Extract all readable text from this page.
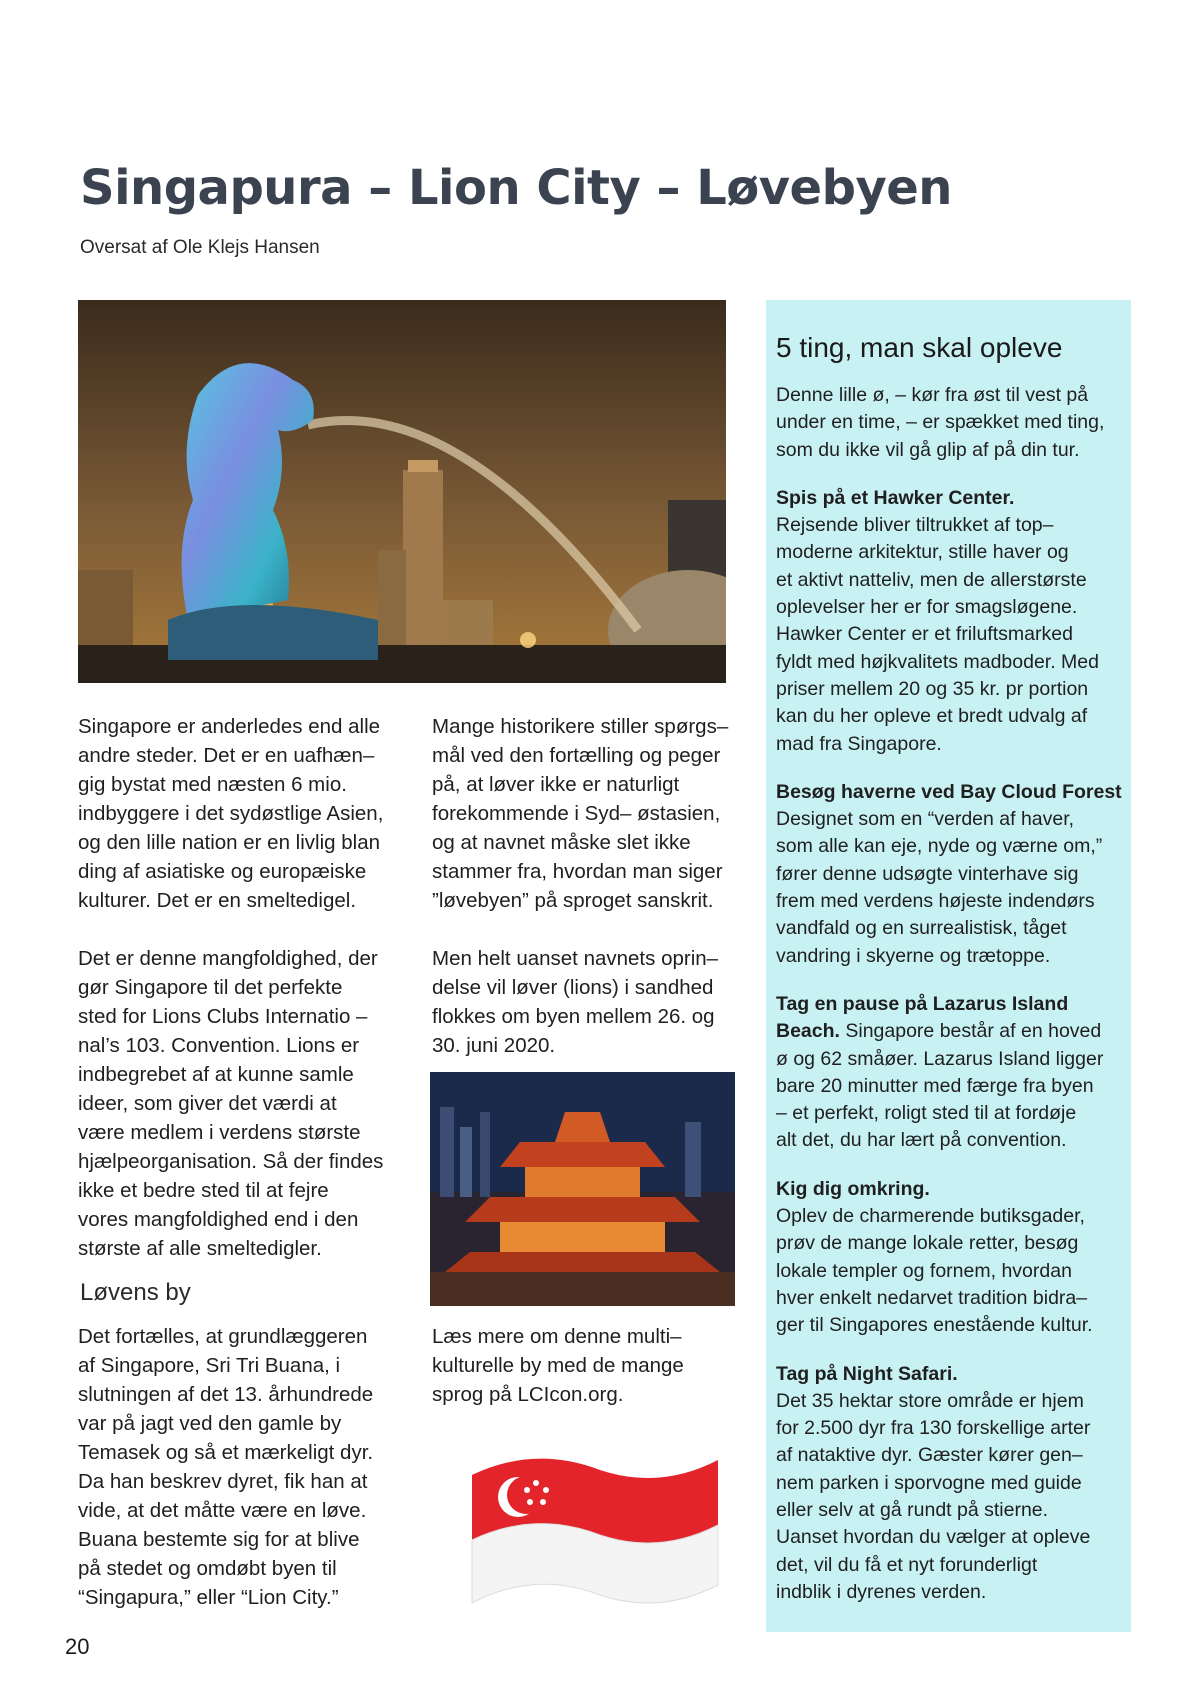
Singapura – Lion City – Løvebyen
Oversat af Ole Klejs Hansen

Singapore er anderledes end alle
andre steder. Det er en uafhæn–
gig bystat med næsten 6 mio.
indbyggere i det sydøstlige Asien,
og den lille nation er en livlig blan
ding af asiatiske og europæiske
kulturer. Det er en smeltedigel.

Det er denne mangfoldighed, der
gør Singapore til det perfekte
sted for Lions Clubs Internatio –
nal’s 103. Convention. Lions er
indbegrebet af at kunne samle
ideer, som giver det værdi at
være medlem i verdens største
hjælpeorganisation. Så der findes
ikke et bedre sted til at fejre
vores mangfoldighed end i den
største af alle smeltedigler.

Mange historikere stiller spørgs–
mål ved den fortælling og peger
på, at løver ikke er naturligt
forekommende i Syd– østasien,
og at navnet måske slet ikke
stammer fra, hvordan man siger
”løvebyen” på sproget sanskrit.

Men helt uanset navnets oprin–
delse vil løver (lions) i sandhed
flokkes om byen mellem 26. og
30. juni 2020.

Løvens by

Det fortælles, at grundlæggeren
af Singapore, Sri Tri Buana, i
slutningen af det 13. århundrede
var på jagt ved den gamle by
Temasek og så et mærkeligt dyr.
Da han beskrev dyret, fik han at
vide, at det måtte være en løve.
Buana bestemte sig for at blive
på stedet og omdøbt byen til
“Singapura,” eller “Lion City.”

Læs mere om denne multi–
kulturelle by med de mange
sprog på LCIcon.org.

5 ting, man skal opleve

Denne lille ø, – kør fra øst til vest på
under en time, – er spækket med ting,
som du ikke vil gå glip af på din tur.

Spis på et Hawker Center.
Rejsende bliver tiltrukket af top–
moderne arkitektur, stille haver og
et aktivt natteliv, men de allerstørste
oplevelser her er for smagsløgene.
Hawker Center er et friluftsmarked
fyldt med højkvalitets madboder. Med
priser mellem 20 og 35 kr. pr portion
kan du her opleve et bredt udvalg af
mad fra Singapore.
Besøg haverne ved Bay Cloud Forest
Designet som en “verden af haver,
som alle kan eje, nyde og værne om,”
fører denne udsøgte vinterhave sig
frem med verdens højeste indendørs
vandfald og en surrealistisk, tåget
vandring i skyerne og trætoppe.
Tag en pause på Lazarus Island
Beach. Singapore består af en hoved
ø og 62 småøer. Lazarus Island ligger
bare 20 minutter med færge fra byen
– et perfekt, roligt sted til at fordøje
alt det, du har lært på convention.
Kig dig omkring.
Oplev de charmerende butiksgader,
prøv de mange lokale retter, besøg
lokale templer og fornem, hvordan
hver enkelt nedarvet tradition bidra–
ger til Singapores enestående kultur.
Tag på Night Safari.
Det 35 hektar store område er hjem
for 2.500 dyr fra 130 forskellige arter
af nataktive dyr. Gæster kører gen–
nem parken i sporvogne med guide
eller selv at gå rundt på stierne.
Uanset hvordan du vælger at opleve
det, vil du få et nyt forunderligt
indblik i dyrenes verden.
20
